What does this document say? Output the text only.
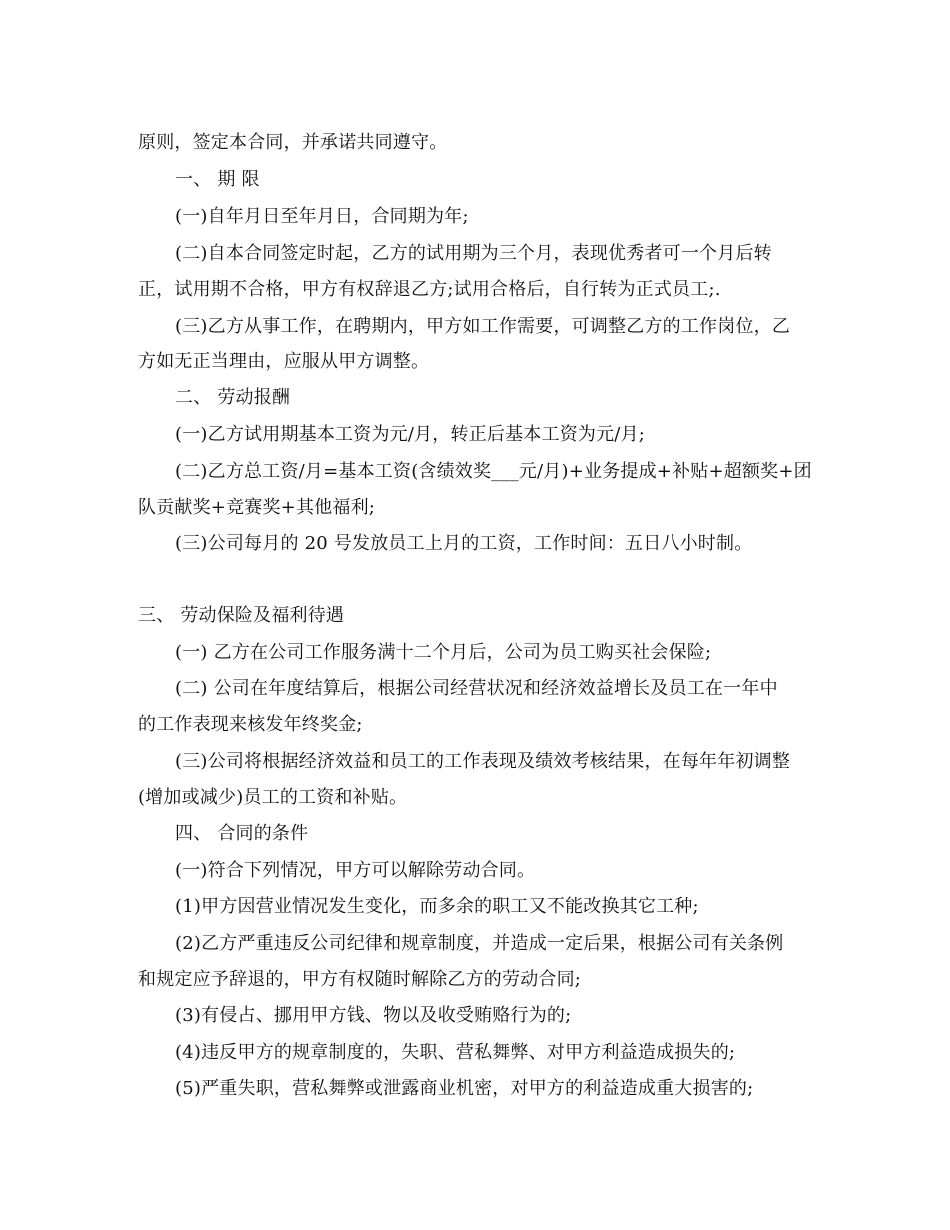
原则，签定本合同，并承诺共同遵守。

一、 期 限

(一)自年月日至年月日，合同期为年;

(二)自本合同签定时起，乙方的试用期为三个月，表现优秀者可一个月后转

正，试用期不合格，甲方有权辞退乙方;试用合格后，自行转为正式员工;.

(三)乙方从事工作，在聘期内，甲方如工作需要，可调整乙方的工作岗位，乙

方如无正当理由，应服从甲方调整。

二、 劳动报酬

(一)乙方试用期基本工资为元/月，转正后基本工资为元/月;

(二)乙方总工资/月=基本工资(含绩效奖___元/月)+业务提成+补贴+超额奖+团

队贡献奖+竞赛奖+其他福利;

(三)公司每月的 20 号发放员工上月的工资，工作时间：五日八小时制。

三、 劳动保险及福利待遇

(一) 乙方在公司工作服务满十二个月后，公司为员工购买社会保险;

(二) 公司在年度结算后，根据公司经营状况和经济效益增长及员工在一年中

的工作表现来核发年终奖金;

(三)公司将根据经济效益和员工的工作表现及绩效考核结果，在每年年初调整

(增加或减少)员工的工资和补贴。

四、 合同的条件

(一)符合下列情况，甲方可以解除劳动合同。

(1)甲方因营业情况发生变化，而多余的职工又不能改换其它工种;

(2)乙方严重违反公司纪律和规章制度，并造成一定后果，根据公司有关条例

和规定应予辞退的，甲方有权随时解除乙方的劳动合同;

(3)有侵占、挪用甲方钱、物以及收受贿赂行为的;

(4)违反甲方的规章制度的，失职、营私舞弊、对甲方利益造成损失的;

(5)严重失职，营私舞弊或泄露商业机密，对甲方的利益造成重大损害的;
